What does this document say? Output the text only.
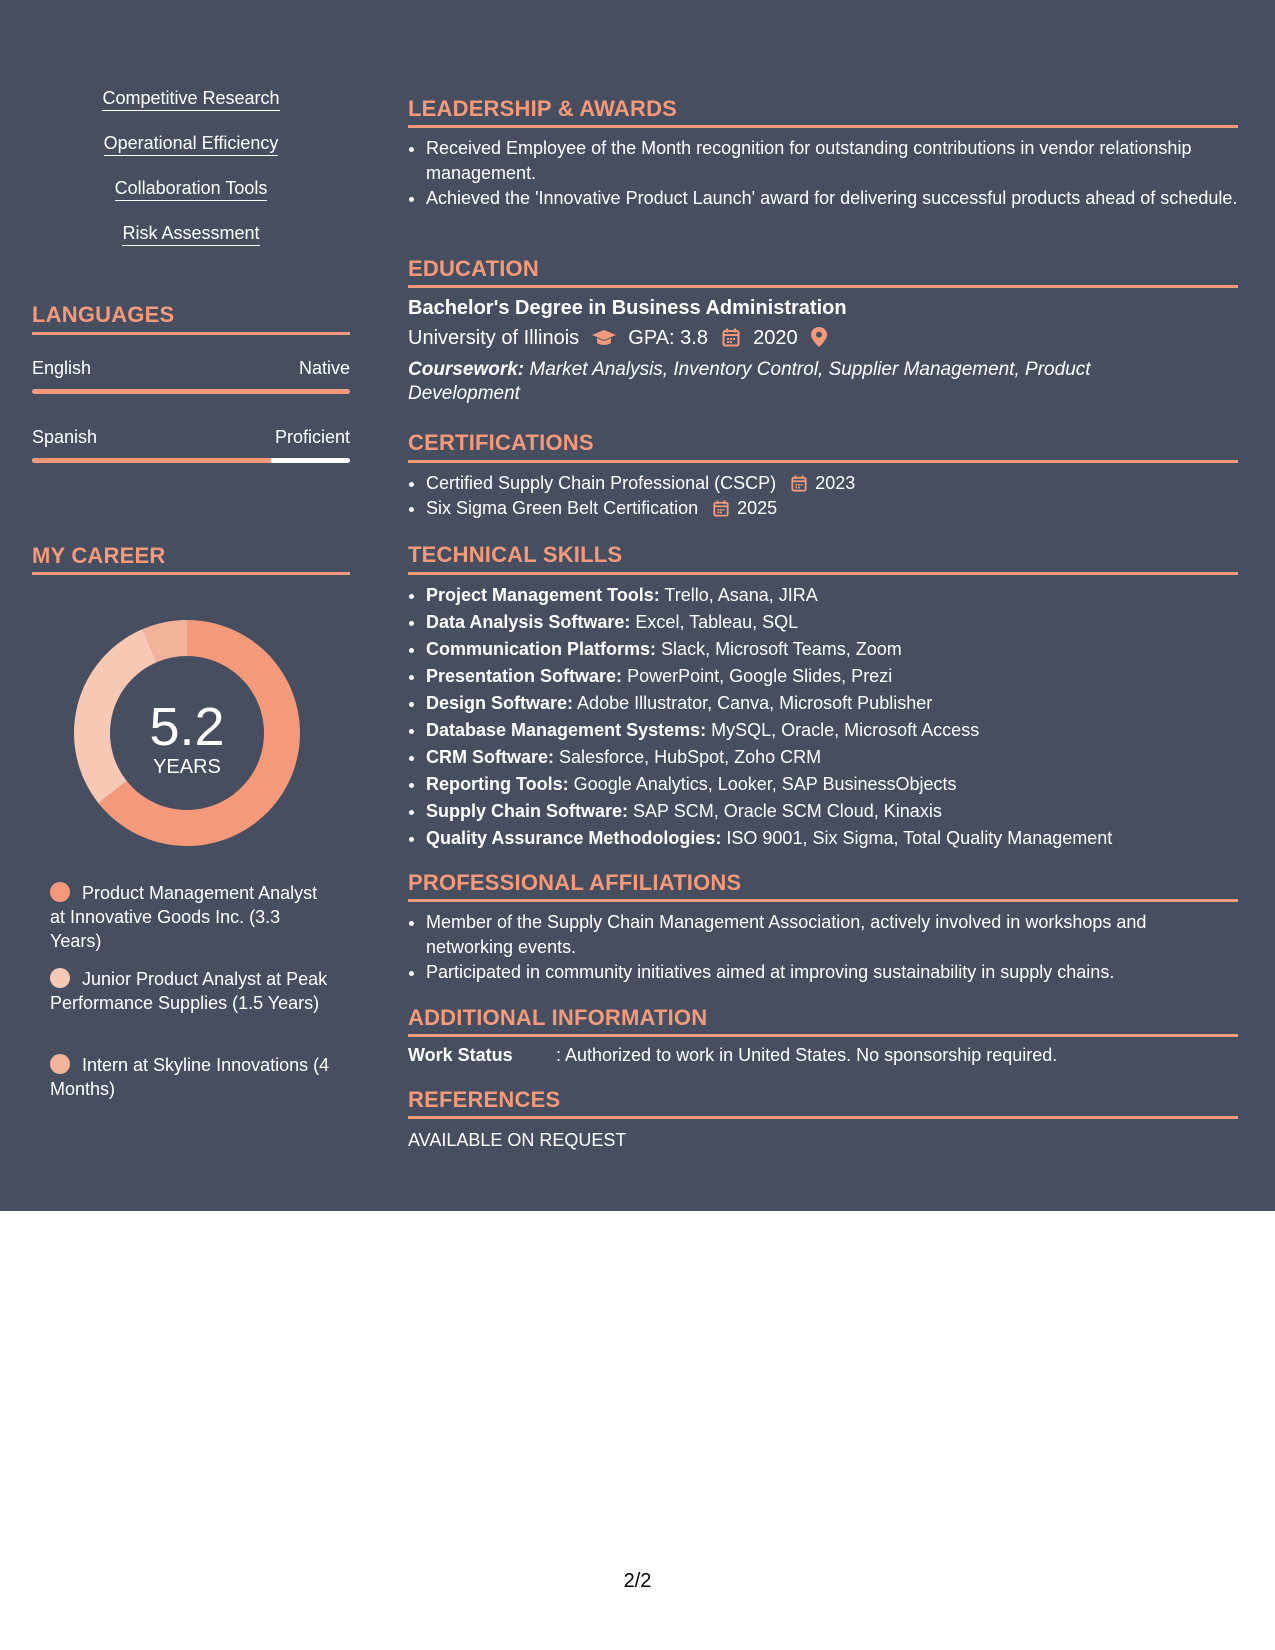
Competitive Research
Operational Efficiency
Collaboration Tools
Risk Assessment
LANGUAGES
English	Native
Spanish	Proficient
MY CAREER
5.2
YEARS
Product Management Analyst at Innovative Goods Inc. (3.3 Years)
Junior Product Analyst at Peak Performance Supplies (1.5 Years)
Intern at Skyline Innovations (4 Months)
LEADERSHIP & AWARDS
• Received Employee of the Month recognition for outstanding contributions in vendor relationship management.
• Achieved the 'Innovative Product Launch' award for delivering successful products ahead of schedule.
EDUCATION
Bachelor's Degree in Business Administration
University of Illinois GPA: 3.8 2020
Coursework: Market Analysis, Inventory Control, Supplier Management, Product Development
CERTIFICATIONS
• Certified Supply Chain Professional (CSCP) 2023
• Six Sigma Green Belt Certification 2025
TECHNICAL SKILLS
• Project Management Tools: Trello, Asana, JIRA
• Data Analysis Software: Excel, Tableau, SQL
• Communication Platforms: Slack, Microsoft Teams, Zoom
• Presentation Software: PowerPoint, Google Slides, Prezi
• Design Software: Adobe Illustrator, Canva, Microsoft Publisher
• Database Management Systems: MySQL, Oracle, Microsoft Access
• CRM Software: Salesforce, HubSpot, Zoho CRM
• Reporting Tools: Google Analytics, Looker, SAP BusinessObjects
• Supply Chain Software: SAP SCM, Oracle SCM Cloud, Kinaxis
• Quality Assurance Methodologies: ISO 9001, Six Sigma, Total Quality Management
PROFESSIONAL AFFILIATIONS
• Member of the Supply Chain Management Association, actively involved in workshops and networking events.
• Participated in community initiatives aimed at improving sustainability in supply chains.
ADDITIONAL INFORMATION
Work Status : Authorized to work in United States. No sponsorship required.
REFERENCES
AVAILABLE ON REQUEST
2/2
